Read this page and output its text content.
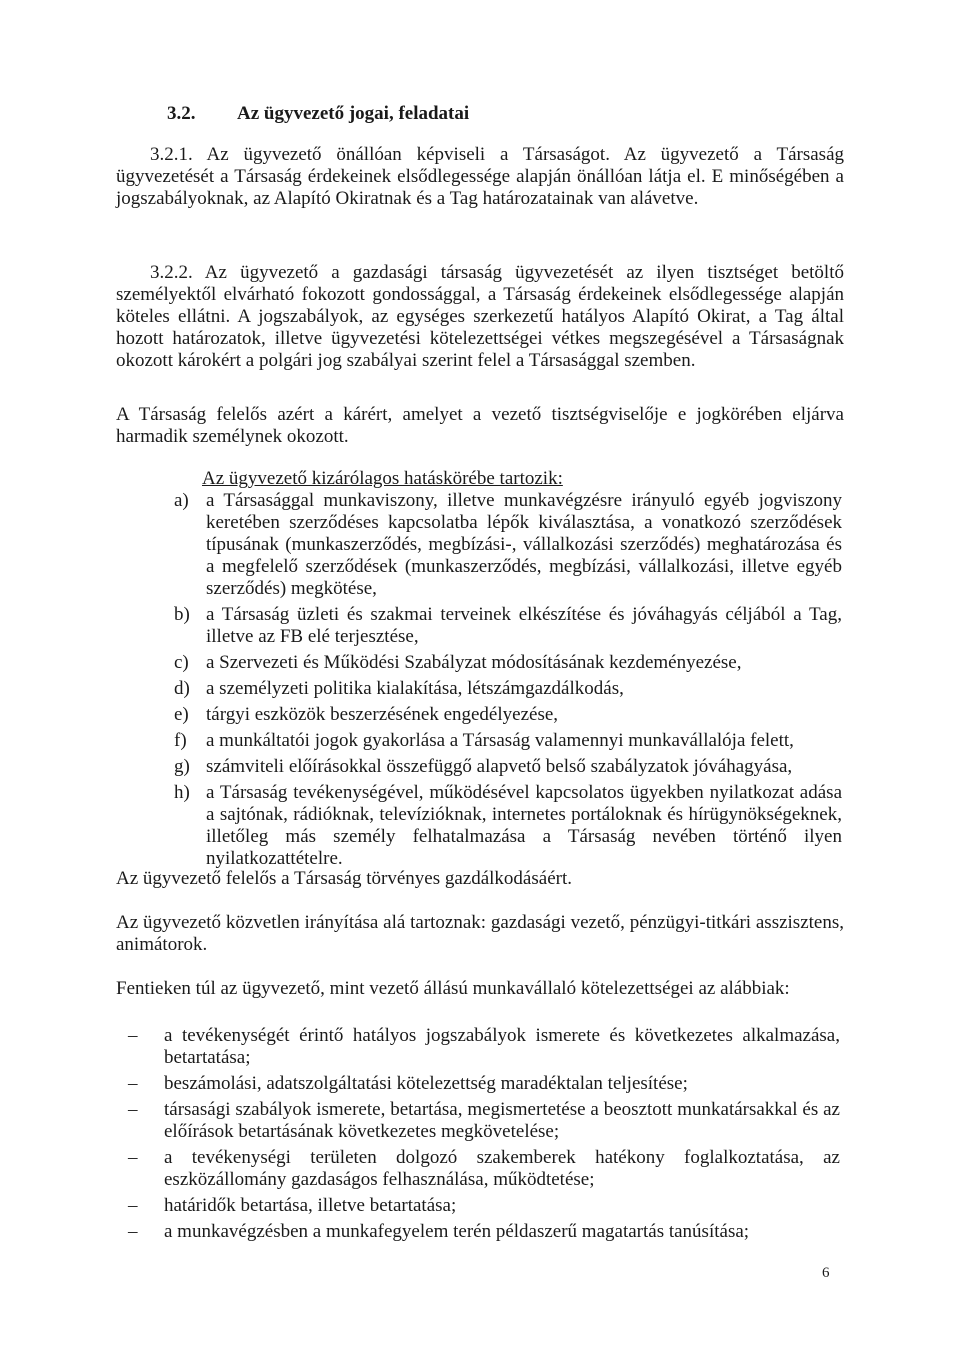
3.2. Az ügyvezető jogai, feladatai

3.2.1. Az ügyvezető önállóan képviseli a Társaságot. Az ügyvezető a Társaság ügyvezetését a Társaság érdekeinek elsődlegessége alapján önállóan látja el. E minőségében a jogszabályoknak, az Alapító Okiratnak és a Tag határozatainak van alávetve.

3.2.2. Az ügyvezető a gazdasági társaság ügyvezetését az ilyen tisztséget betöltő személyektől elvárható fokozott gondossággal, a Társaság érdekeinek elsődlegessége alapján köteles ellátni. A jogszabályok, az egységes szerkezetű hatályos Alapító Okirat, a Tag által hozott határozatok, illetve ügyvezetési kötelezettségei vétkes megszegésével a Társaságnak okozott károkért a polgári jog szabályai szerint felel a Társasággal szemben.

A Társaság felelős azért a kárért, amelyet a vezető tisztségviselője e jogkörében eljárva harmadik személynek okozott.

Az ügyvezető kizárólagos hatáskörébe tartozik:
a) a Társasággal munkaviszony, illetve munkavégzésre irányuló egyéb jogviszony keretében szerződéses kapcsolatba lépők kiválasztása, a vonatkozó szerződések típusának (munkaszerződés, megbízási-, vállalkozási szerződés) meghatározása és a megfelelő szerződések (munkaszerződés, megbízási, vállalkozási, illetve egyéb szerződés) megkötése,
b) a Társaság üzleti és szakmai terveinek elkészítése és jóváhagyás céljából a Tag, illetve az FB elé terjesztése,
c) a Szervezeti és Működési Szabályzat módosításának kezdeményezése,
d) a személyzeti politika kialakítása, létszámgazdálkodás,
e) tárgyi eszközök beszerzésének engedélyezése,
f)	a munkáltatói jogok gyakorlása a Társaság valamennyi munkavállalója felett,
g) számviteli előírásokkal összefüggő alapvető belső szabályzatok jóváhagyása,
h) a Társaság tevékenységével, működésével kapcsolatos ügyekben nyilatkozat adása a sajtónak, rádióknak, televízióknak, internetes portáloknak és hírügynökségeknek, illetőleg más személy felhatalmazása a Társaság nevében történő ilyen nyilatkozattételre.

Az ügyvezető felelős a Társaság törvényes gazdálkodásáért.

Az ügyvezető közvetlen irányítása alá tartoznak: gazdasági vezető, pénzügyi-titkári asszisztens, animátorok.

Fentieken túl az ügyvezető, mint vezető állású munkavállaló kötelezettségei az alábbiak:

–	a tevékenységét érintő hatályos jogszabályok ismerete és következetes alkalmazása, betartatása;
–	beszámolási, adatszolgáltatási kötelezettség maradéktalan teljesítése;
–	társasági szabályok ismerete, betartása, megismertetése a beosztott munkatársakkal és az előírások betartásának következetes megkövetelése;
–	a tevékenységi területen dolgozó szakemberek hatékony foglalkoztatása, az eszközállomány gazdaságos felhasználása, működtetése;
–	határidők betartása, illetve betartatása;
–	a munkavégzésben a munkafegyelem terén példaszerű magatartás tanúsítása;
6
